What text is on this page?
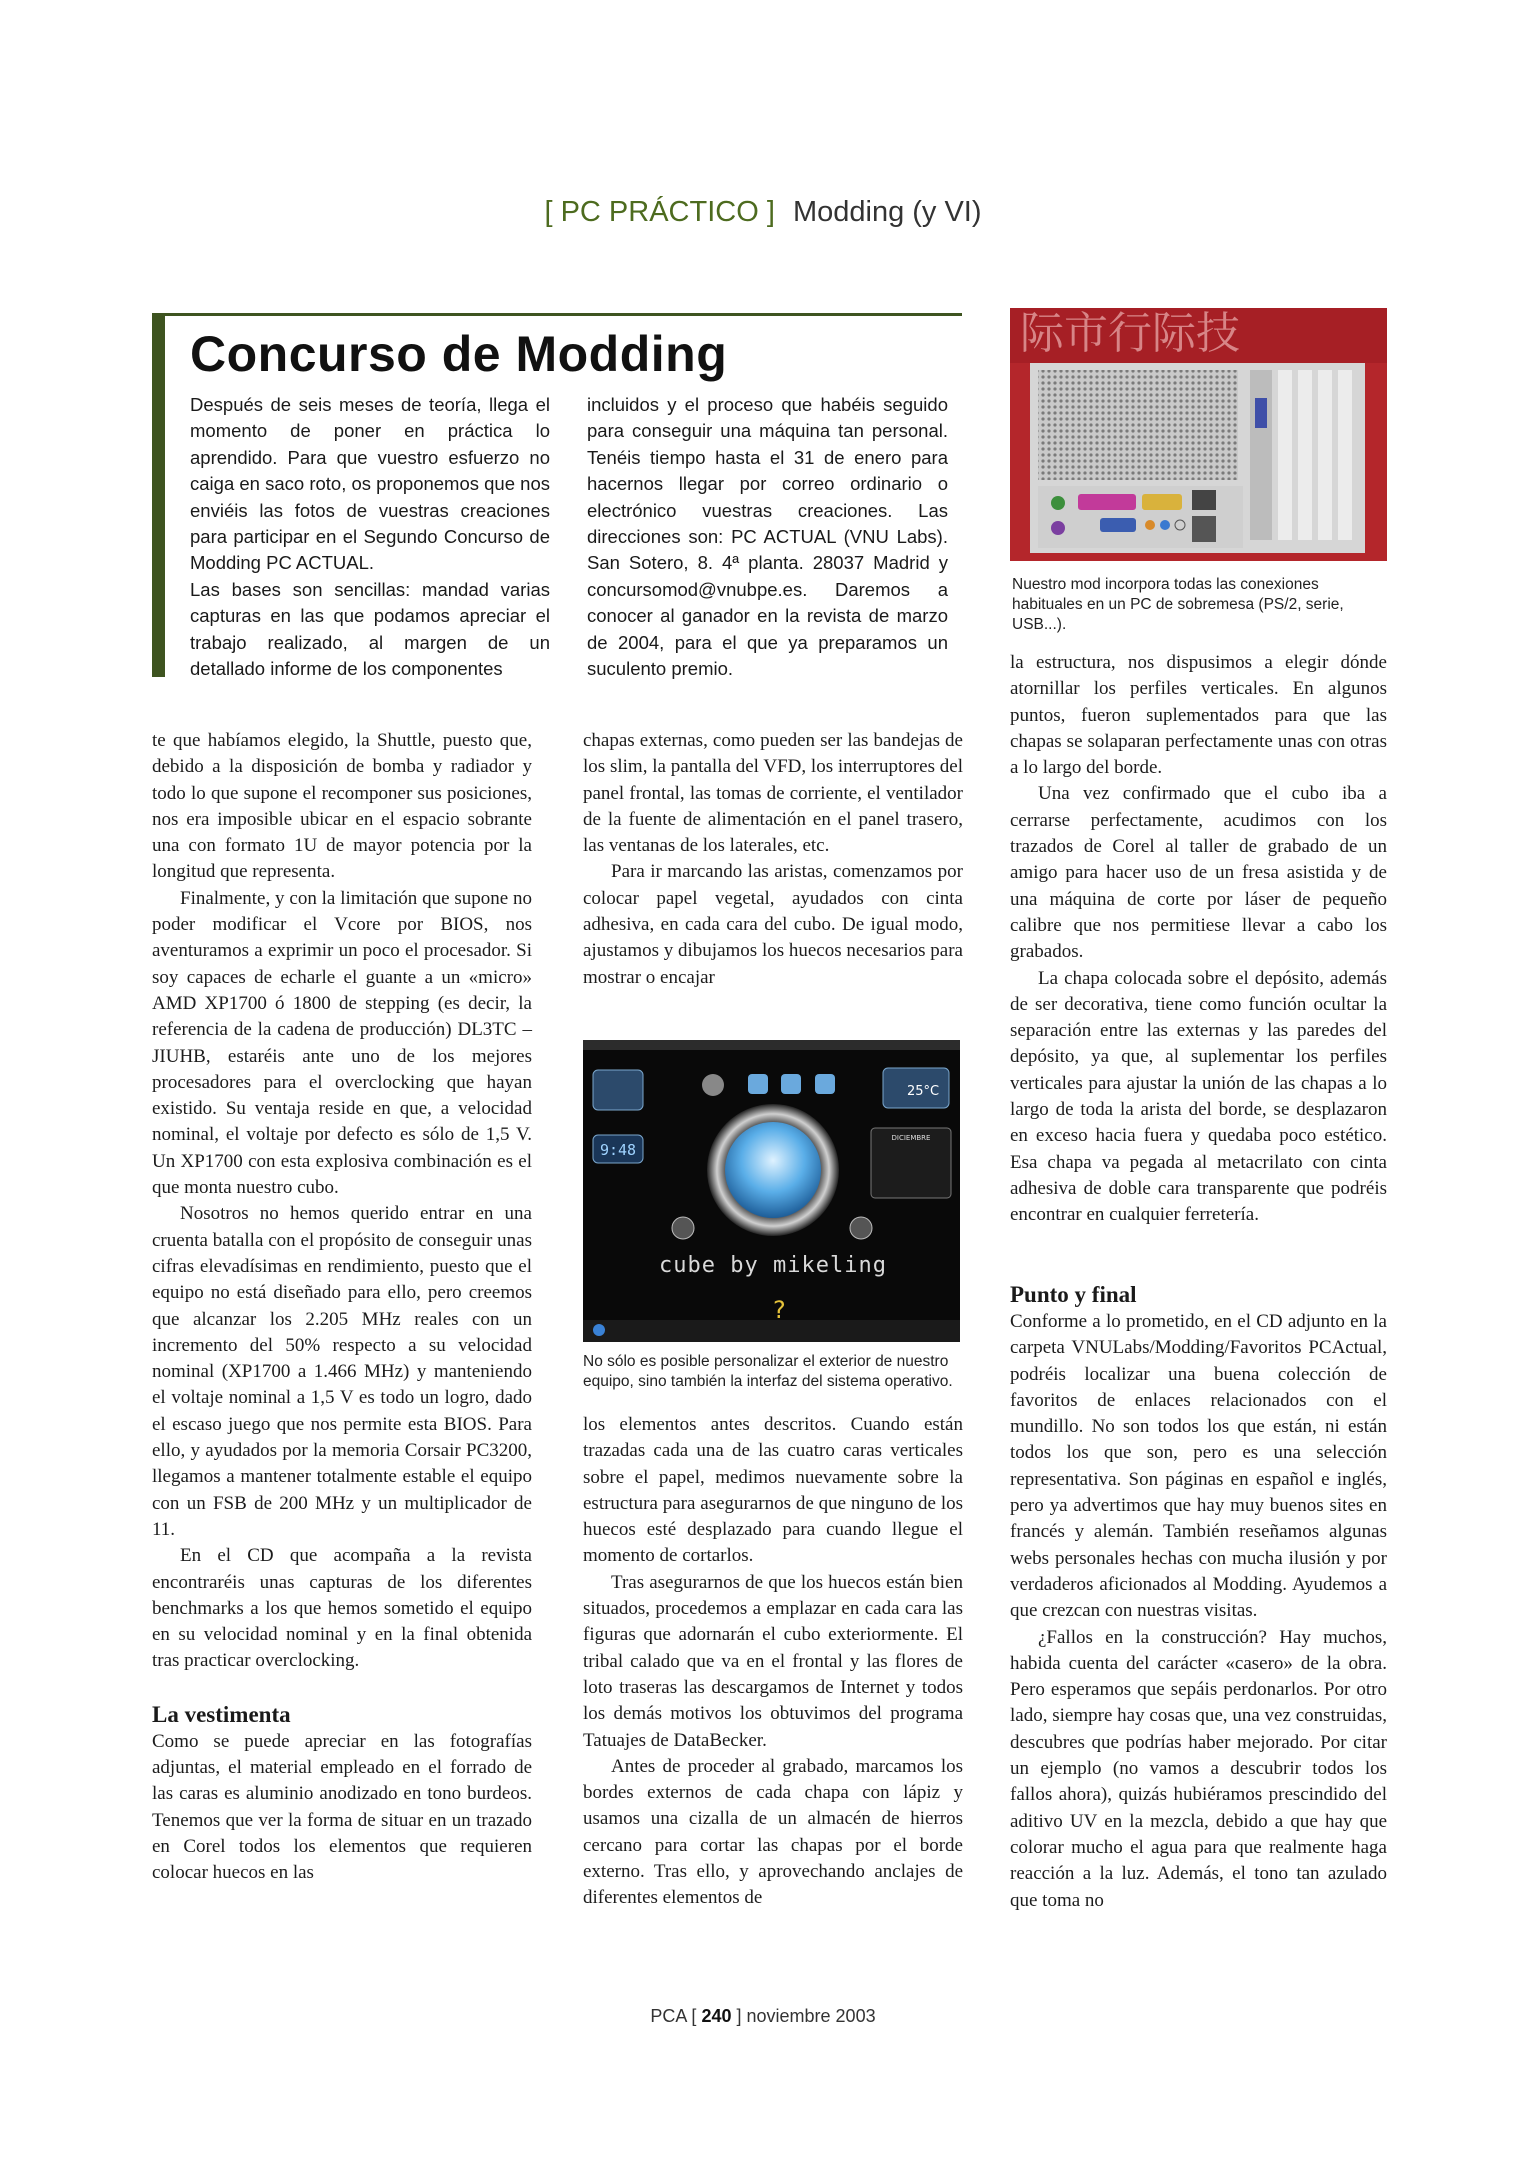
[ PC PRÁCTICO ] Modding (y VI)
Concurso de Modding

Después de seis meses de teoría, llega el momento de poner en práctica lo aprendido. Para que vuestro esfuerzo no caiga en saco roto, os proponemos que nos enviéis las fotos de vuestras creaciones para participar en el Segundo Concurso de Modding PC ACTUAL.

Las bases son sencillas: mandad varias capturas en las que podamos apreciar el trabajo realizado, al margen de un detallado informe de los componentes

incluidos y el proceso que habéis seguido para conseguir una máquina tan personal. Tenéis tiempo hasta el 31 de enero para hacernos llegar por correo ordinario o electrónico vuestras creaciones. Las direcciones son: PC ACTUAL (VNU Labs). San Sotero, 8. 4ª planta. 28037 Madrid y concursomod@vnubpe.es. Daremos a conocer al ganador en la revista de marzo de 2004, para el que ya preparamos un suculento premio.

际市行际技

Nuestro mod incorpora todas las conexiones habituales en un PC de sobremesa (PS/2, serie, USB...).

9:48
25°C
DICIEMBRE
cube by mikeling
?

No sólo es posible personalizar el exterior de nuestro equipo, sino también la interfaz del sistema operativo.

te que habíamos elegido, la Shuttle, puesto que, debido a la disposición de bomba y radiador y todo lo que supone el recomponer sus posiciones, nos era imposible ubicar en el espacio sobrante una con formato 1U de mayor potencia por la longitud que representa.

Finalmente, y con la limitación que supone no poder modificar el Vcore por BIOS, nos aventuramos a exprimir un poco el procesador. Si soy capaces de echarle el guante a un «micro» AMD XP1700 ó 1800 de stepping (es decir, la referencia de la cadena de producción) DL3TC – JIUHB, estaréis ante uno de los mejores procesadores para el overclocking que hayan existido. Su ventaja reside en que, a velocidad nominal, el voltaje por defecto es sólo de 1,5 V. Un XP1700 con esta explosiva combinación es el que monta nuestro cubo.

Nosotros no hemos querido entrar en una cruenta batalla con el propósito de conseguir unas cifras elevadísimas en rendimiento, puesto que el equipo no está diseñado para ello, pero creemos que alcanzar los 2.205 MHz reales con un incremento del 50% respecto a su velocidad nominal (XP1700 a 1.466 MHz) y manteniendo el voltaje nominal a 1,5 V es todo un logro, dado el escaso juego que nos permite esta BIOS. Para ello, y ayudados por la memoria Corsair PC3200, llegamos a mantener totalmente estable el equipo con un FSB de 200 MHz y un multiplicador de 11.

En el CD que acompaña a la revista encontraréis unas capturas de los diferentes benchmarks a los que hemos sometido el equipo en su velocidad nominal y en la final obtenida tras practicar overclocking.

La vestimenta

Como se puede apreciar en las fotografías adjuntas, el material empleado en el forrado de las caras es aluminio anodizado en tono burdeos. Tenemos que ver la forma de situar en un trazado en Corel todos los elementos que requieren colocar huecos en las

chapas externas, como pueden ser las bandejas de los slim, la pantalla del VFD, los interruptores del panel frontal, las tomas de corriente, el ventilador de la fuente de alimentación en el panel trasero, las ventanas de los laterales, etc.

Para ir marcando las aristas, comenzamos por colocar papel vegetal, ayudados con cinta adhesiva, en cada cara del cubo. De igual modo, ajustamos y dibujamos los huecos necesarios para mostrar o encajar

los elementos antes descritos. Cuando están trazadas cada una de las cuatro caras verticales sobre el papel, medimos nuevamente sobre la estructura para asegurarnos de que ninguno de los huecos esté desplazado para cuando llegue el momento de cortarlos.

Tras asegurarnos de que los huecos están bien situados, procedemos a emplazar en cada cara las figuras que adornarán el cubo exteriormente. El tribal calado que va en el frontal y las flores de loto traseras las descargamos de Internet y todos los demás motivos los obtuvimos del programa Tatuajes de DataBecker.

Antes de proceder al grabado, marcamos los bordes externos de cada chapa con lápiz y usamos una cizalla de un almacén de hierros cercano para cortar las chapas por el borde externo. Tras ello, y aprovechando anclajes de diferentes elementos de

la estructura, nos dispusimos a elegir dónde atornillar los perfiles verticales. En algunos puntos, fueron suplementados para que las chapas se solaparan perfectamente unas con otras a lo largo del borde.

Una vez confirmado que el cubo iba a cerrarse perfectamente, acudimos con los trazados de Corel al taller de grabado de un amigo para hacer uso de un fresa asistida y de una máquina de corte por láser de pequeño calibre que nos permitiese llevar a cabo los grabados.

La chapa colocada sobre el depósito, además de ser decorativa, tiene como función ocultar la separación entre las externas y las paredes del depósito, ya que, al suplementar los perfiles verticales para ajustar la unión de las chapas a lo largo de toda la arista del borde, se desplazaron en exceso hacia fuera y quedaba poco estético. Esa chapa va pegada al metacrilato con cinta adhesiva de doble cara transparente que podréis encontrar en cualquier ferretería.

Punto y final

Conforme a lo prometido, en el CD adjunto en la carpeta VNULabs/Modding/Favoritos PCActual, podréis localizar una buena colección de favoritos de enlaces relacionados con el mundillo. No son todos los que están, ni están todos los que son, pero es una selección representativa. Son páginas en español e inglés, pero ya advertimos que hay muy buenos sites en francés y alemán. También reseñamos algunas webs personales hechas con mucha ilusión y por verdaderos aficionados al Modding. Ayudemos a que crezcan con nuestras visitas.

¿Fallos en la construcción? Hay muchos, habida cuenta del carácter «casero» de la obra. Pero esperamos que sepáis perdonarlos. Por otro lado, siempre hay cosas que, una vez construidas, descubres que podrías haber mejorado. Por citar un ejemplo (no vamos a descubrir todos los fallos ahora), quizás hubiéramos prescindido del aditivo UV en la mezcla, debido a que hay que colorar mucho el agua para que realmente haga reacción a la luz. Además, el tono tan azulado que toma no

PCA [ 240 ] noviembre 2003
